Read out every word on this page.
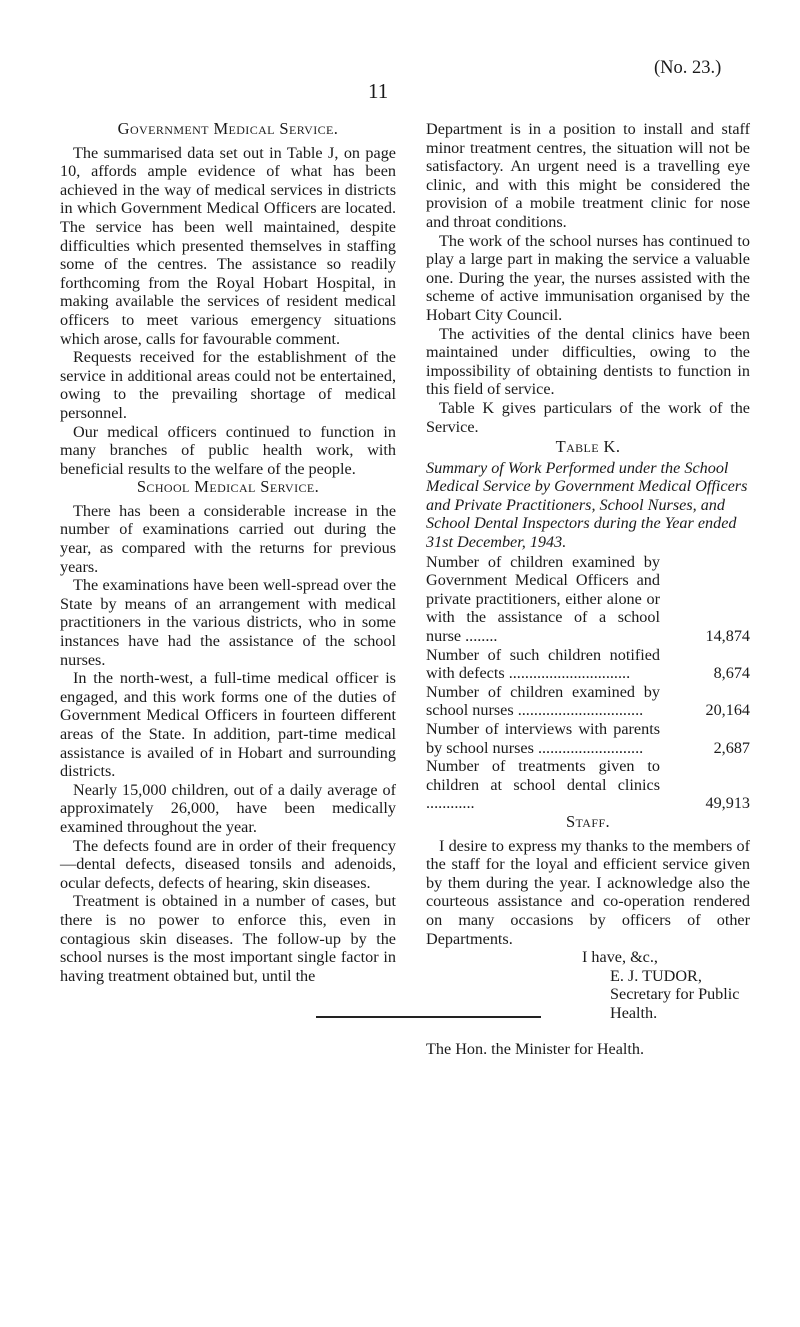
11
(No. 23.)
Government Medical Service.

The summarised data set out in Table J, on page 10, affords ample evidence of what has been achieved in the way of medical services in districts in which Government Medical Officers are located. The service has been well maintained, despite difficulties which presented themselves in staffing some of the centres. The assistance so readily forthcoming from the Royal Hobart Hospital, in making available the services of resident medical officers to meet various emergency situations which arose, calls for favourable comment.

Requests received for the establishment of the service in additional areas could not be entertained, owing to the prevailing shortage of medical personnel.

Our medical officers continued to function in many branches of public health work, with beneficial results to the welfare of the people.

School Medical Service.

There has been a considerable increase in the number of examinations carried out during the year, as compared with the returns for previous years.

The examinations have been well-spread over the State by means of an arrangement with medical practitioners in the various districts, who in some instances have had the assistance of the school nurses.

In the north-west, a full-time medical officer is engaged, and this work forms one of the duties of Government Medical Officers in fourteen different areas of the State. In addition, part-time medical assistance is availed of in Hobart and surrounding districts.

Nearly 15,000 children, out of a daily average of approximately 26,000, have been medically examined throughout the year.

The defects found are in order of their frequency—dental defects, diseased tonsils and adenoids, ocular defects, defects of hearing, skin diseases.

Treatment is obtained in a number of cases, but there is no power to enforce this, even in contagious skin diseases. The follow-up by the school nurses is the most important single factor in having treatment obtained but, until the

Department is in a position to install and staff minor treatment centres, the situation will not be satisfactory. An urgent need is a travelling eye clinic, and with this might be considered the provision of a mobile treatment clinic for nose and throat conditions.

The work of the school nurses has continued to play a large part in making the service a valuable one. During the year, the nurses assisted with the scheme of active immunisation organised by the Hobart City Council.

The activities of the dental clinics have been maintained under difficulties, owing to the impossibility of obtaining dentists to function in this field of service.

Table K gives particulars of the work of the Service.

Table K.

Summary of Work Performed under the School Medical Service by Government Medical Officers and Private Practitioners, School Nurses, and School Dental Inspectors during the Year ended 31st December, 1943.

Number of children examined by Government Medical Officers and private practitioners, either alone or with the assistance of a school nurse ........	14,874
Number of such children notified with defects ..............................	8,674
Number of children examined by school nurses ...............................	20,164
Number of interviews with parents by school nurses ..........................	2,687
Number of treatments given to children at school dental clinics ............	49,913
Staff.

I desire to express my thanks to the members of the staff for the loyal and efficient service given by them during the year. I acknowledge also the courteous assistance and co-operation rendered on many occasions by officers of other Departments.

I have, &c.,
E. J. TUDOR,
Secretary for Public Health.
The Hon. the Minister for Health.
